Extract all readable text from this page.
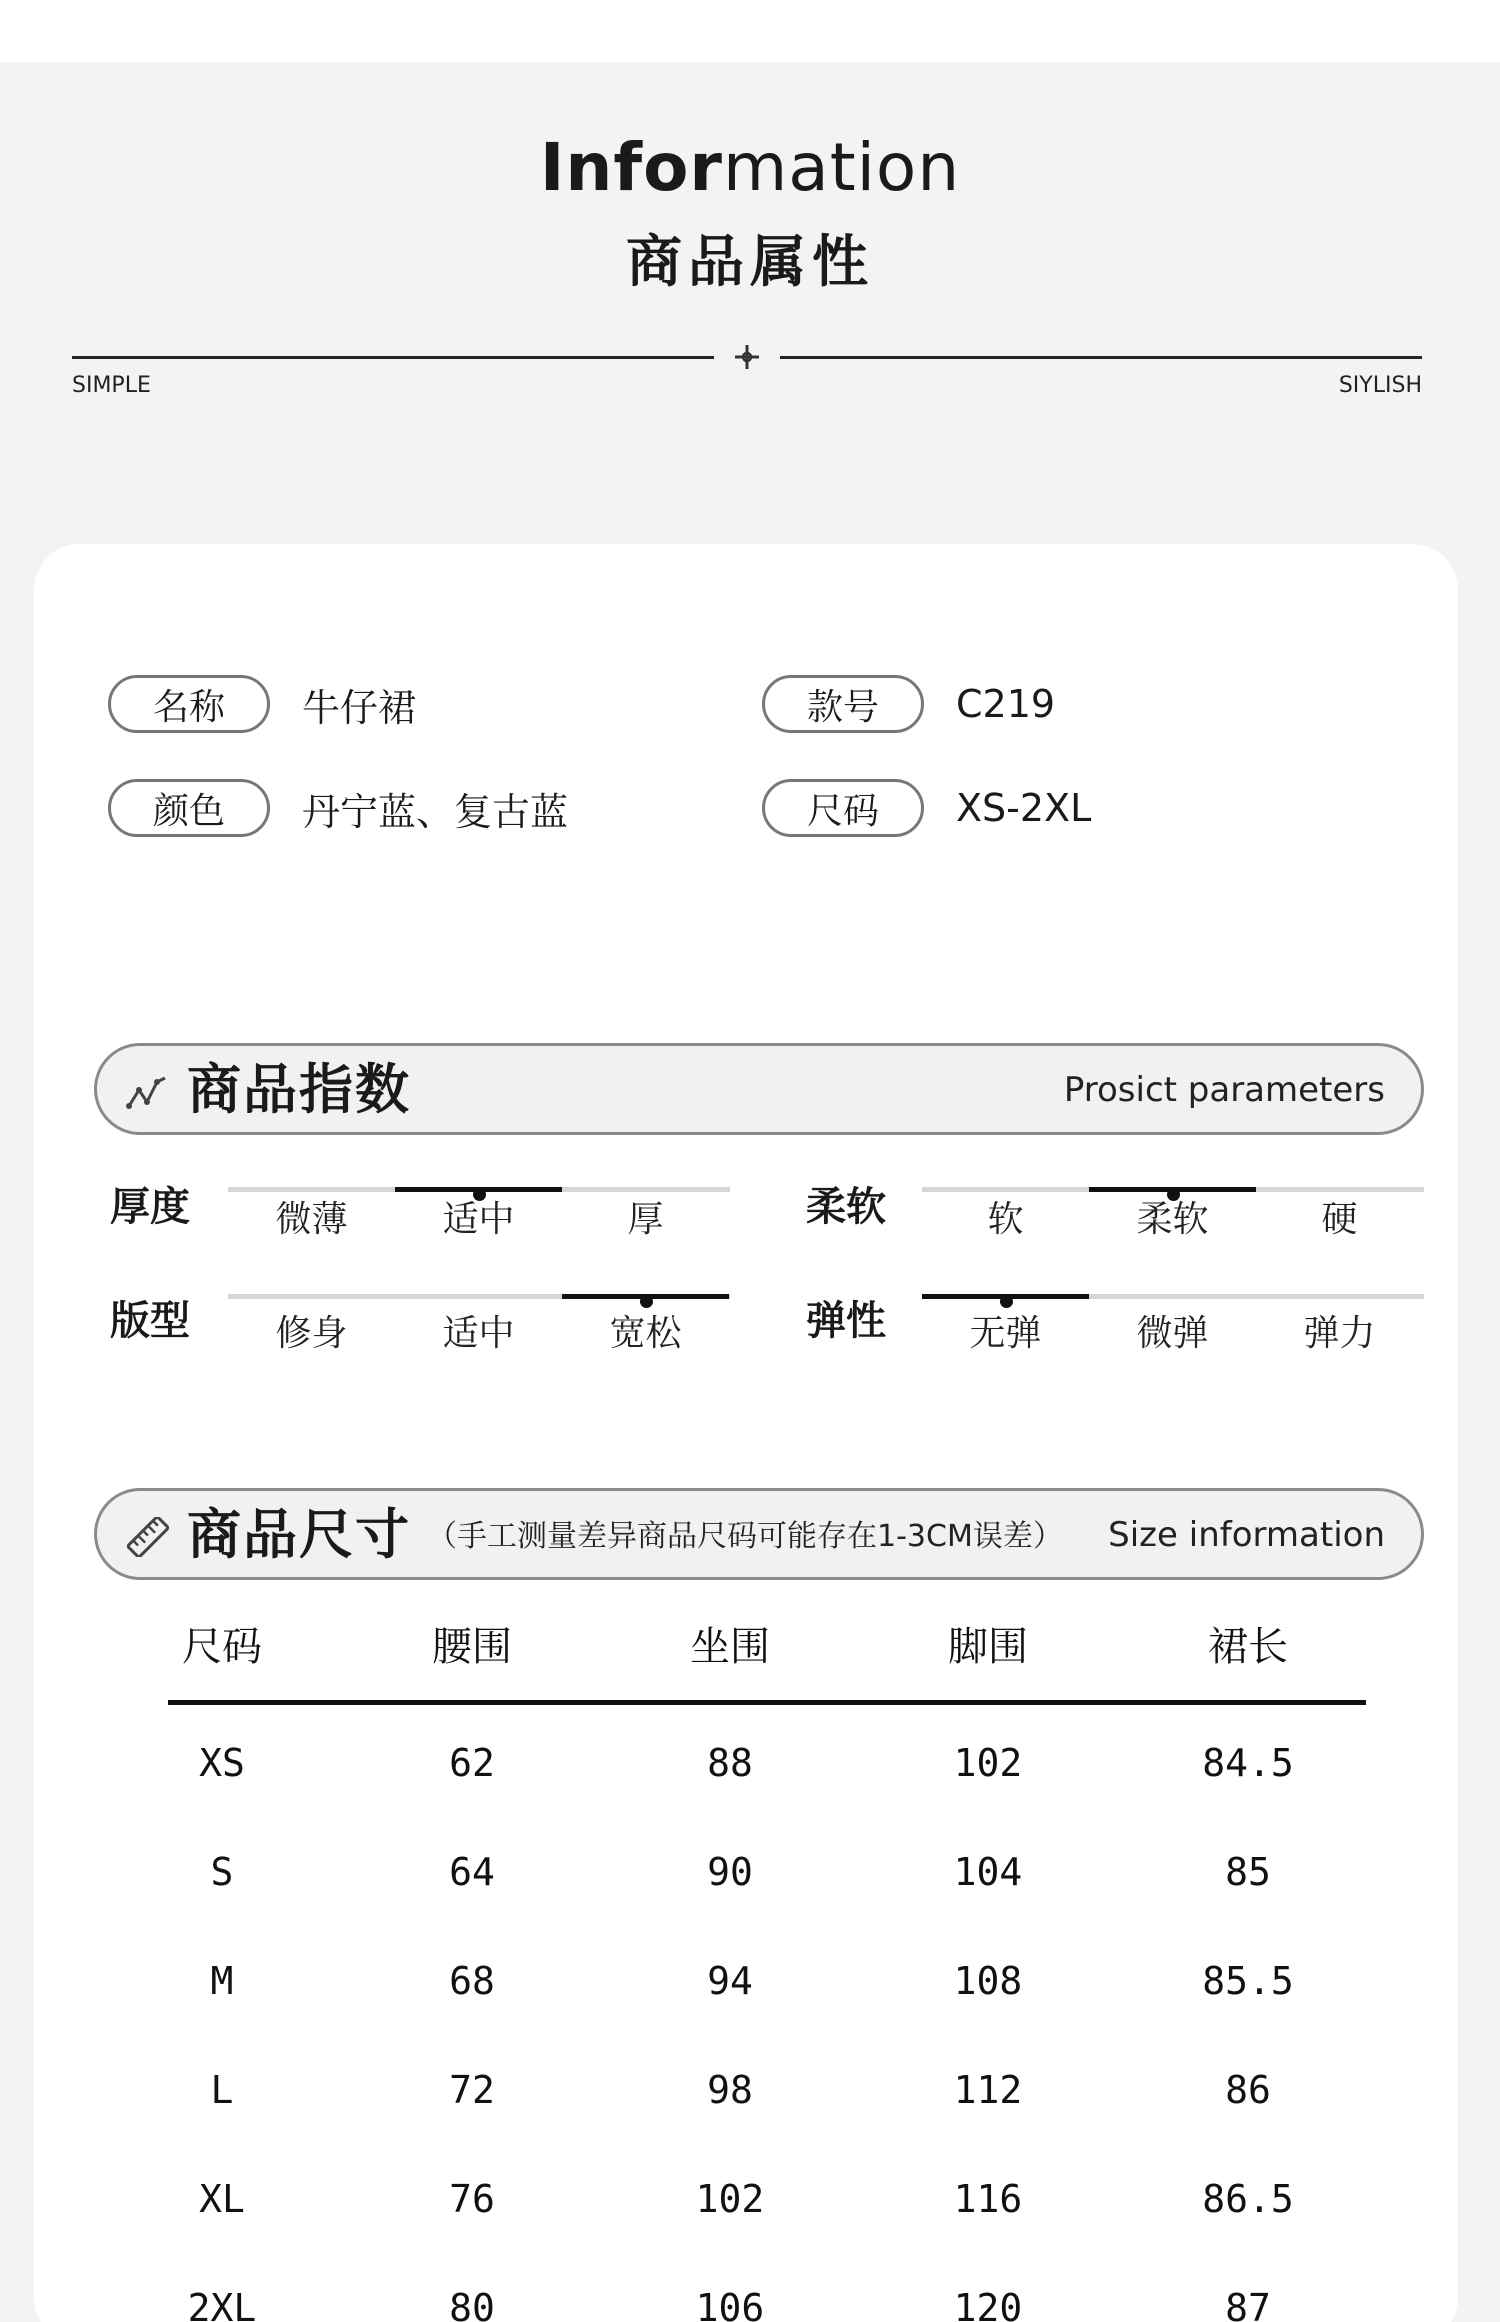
Information
商品属性
SIMPLE	SIYLISH
名称	牛仔裙	款号	C219
颜色	丹宁蓝、复古蓝	尺码	XS-2XL
商品指数	Prosict parameters
厚度	柔软
版型	弹性
微薄	适中	厚	软	柔软	硬
修身	适中	宽松	无弹	微弹	弹力
商品尺寸 （手工测量差异商品尺码可能存在1-3CM误差） Size information
尺码	腰围	坐围	脚围	裙长
XS	62	88	102	84.5
S	64	90	104	85
M	68	94	108	85.5
L	72	98	112	86
XL	76	102	116	86.5
2XL	80	106	120	87
